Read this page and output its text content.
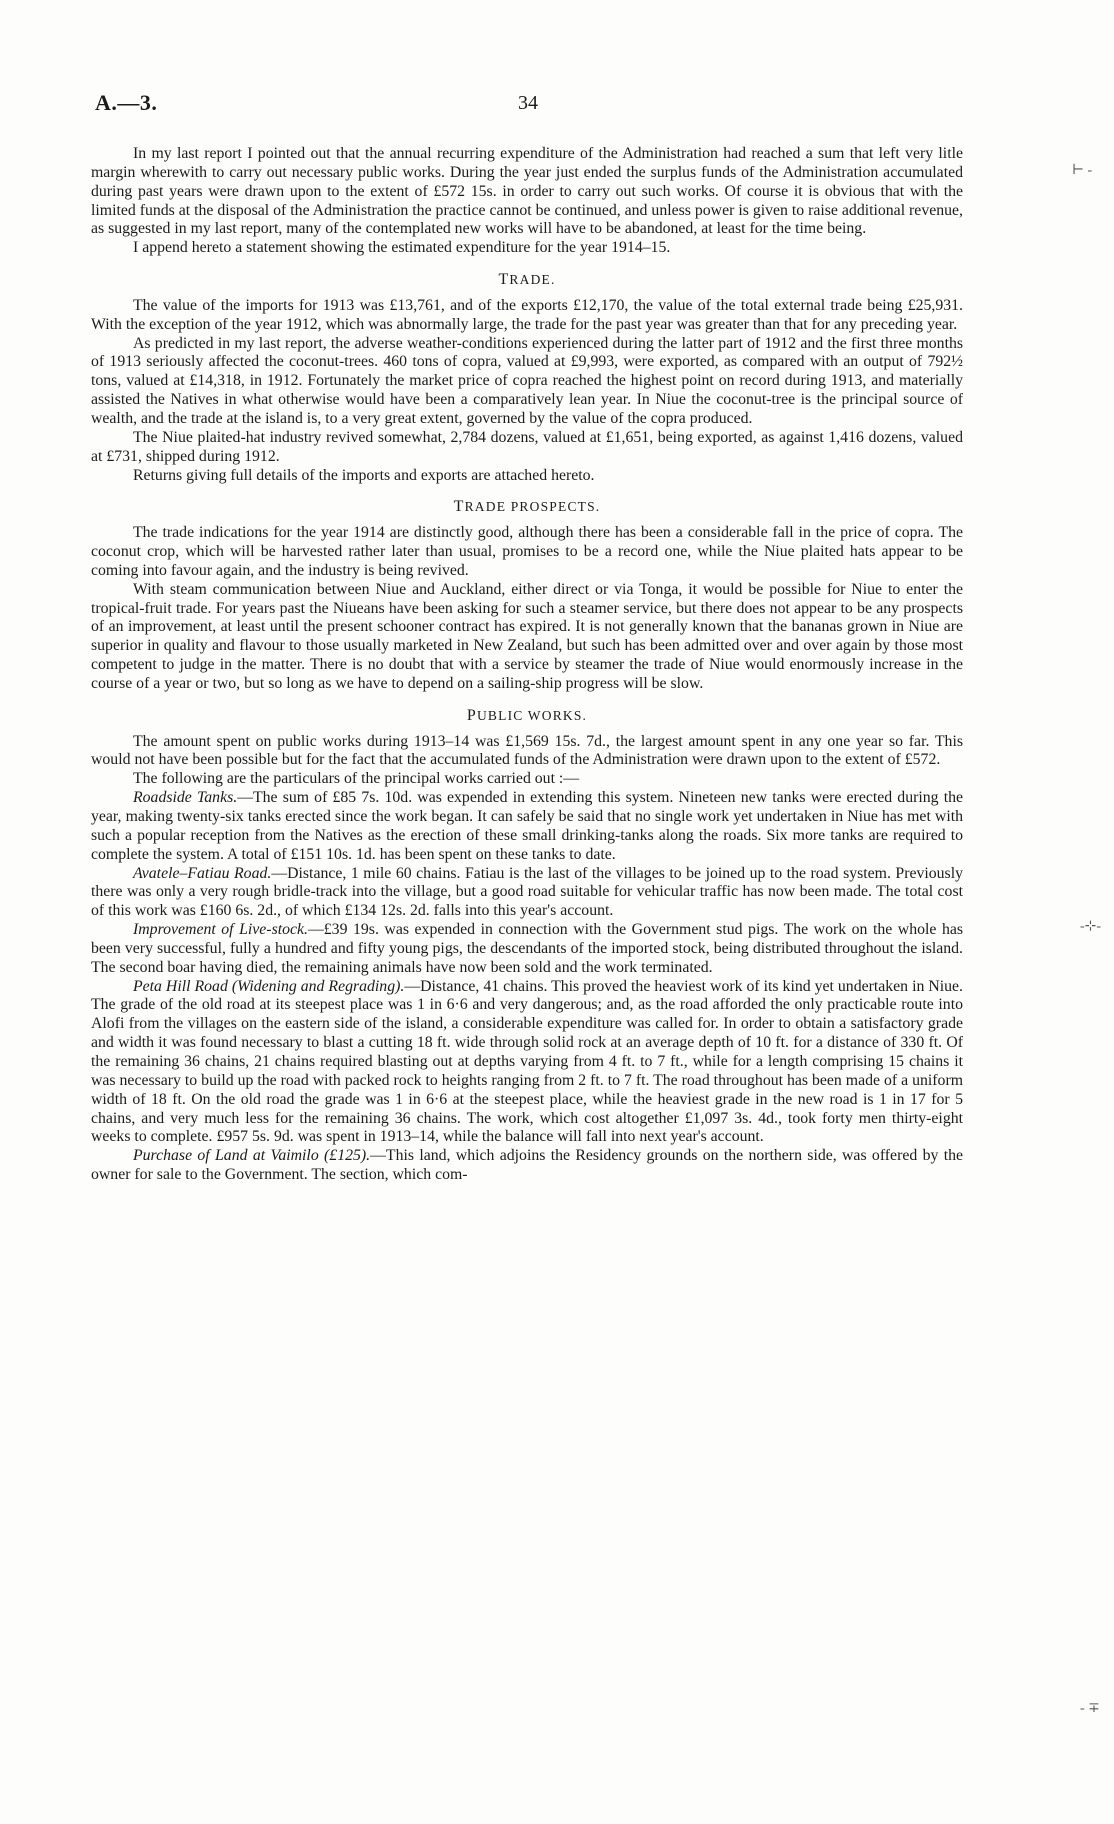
A.—3.	34
⊢ -
-⊹-
- ∓

In my last report I pointed out that the annual recurring expenditure of the Administration had reached a sum that left very litle margin wherewith to carry out necessary public works. During the year just ended the surplus funds of the Administration accumulated during past years were drawn upon to the extent of £572 15s. in order to carry out such works. Of course it is obvious that with the limited funds at the disposal of the Administration the practice cannot be continued, and unless power is given to raise additional revenue, as suggested in my last report, many of the contemplated new works will have to be abandoned, at least for the time being.

I append hereto a statement showing the estimated expenditure for the year 1914–15.

TRADE.

The value of the imports for 1913 was £13,761, and of the exports £12,170, the value of the total external trade being £25,931. With the exception of the year 1912, which was abnormally large, the trade for the past year was greater than that for any preceding year.

As predicted in my last report, the adverse weather-conditions experienced during the latter part of 1912 and the first three months of 1913 seriously affected the coconut-trees. 460 tons of copra, valued at £9,993, were exported, as compared with an output of 792½ tons, valued at £14,318, in 1912. Fortunately the market price of copra reached the highest point on record during 1913, and materially assisted the Natives in what otherwise would have been a comparatively lean year. In Niue the coconut-tree is the principal source of wealth, and the trade at the island is, to a very great extent, governed by the value of the copra produced.

The Niue plaited-hat industry revived somewhat, 2,784 dozens, valued at £1,651, being exported, as against 1,416 dozens, valued at £731, shipped during 1912.

Returns giving full details of the imports and exports are attached hereto.

TRADE PROSPECTS.

The trade indications for the year 1914 are distinctly good, although there has been a considerable fall in the price of copra. The coconut crop, which will be harvested rather later than usual, promises to be a record one, while the Niue plaited hats appear to be coming into favour again, and the industry is being revived.

With steam communication between Niue and Auckland, either direct or via Tonga, it would be possible for Niue to enter the tropical-fruit trade. For years past the Niueans have been asking for such a steamer service, but there does not appear to be any prospects of an improvement, at least until the present schooner contract has expired. It is not generally known that the bananas grown in Niue are superior in quality and flavour to those usually marketed in New Zealand, but such has been admitted over and over again by those most competent to judge in the matter. There is no doubt that with a service by steamer the trade of Niue would enormously increase in the course of a year or two, but so long as we have to depend on a sailing-ship progress will be slow.

PUBLIC WORKS.

The amount spent on public works during 1913–14 was £1,569 15s. 7d., the largest amount spent in any one year so far. This would not have been possible but for the fact that the accumulated funds of the Administration were drawn upon to the extent of £572.

The following are the particulars of the principal works carried out :—

Roadside Tanks.—The sum of £85 7s. 10d. was expended in extending this system. Nineteen new tanks were erected during the year, making twenty-six tanks erected since the work began. It can safely be said that no single work yet undertaken in Niue has met with such a popular reception from the Natives as the erection of these small drinking-tanks along the roads. Six more tanks are required to complete the system. A total of £151 10s. 1d. has been spent on these tanks to date.

Avatele–Fatiau Road.—Distance, 1 mile 60 chains. Fatiau is the last of the villages to be joined up to the road system. Previously there was only a very rough bridle-track into the village, but a good road suitable for vehicular traffic has now been made. The total cost of this work was £160 6s. 2d., of which £134 12s. 2d. falls into this year's account.

Improvement of Live-stock.—£39 19s. was expended in connection with the Government stud pigs. The work on the whole has been very successful, fully a hundred and fifty young pigs, the descendants of the imported stock, being distributed throughout the island. The second boar having died, the remaining animals have now been sold and the work terminated.

Peta Hill Road (Widening and Regrading).—Distance, 41 chains. This proved the heaviest work of its kind yet undertaken in Niue. The grade of the old road at its steepest place was 1 in 6·6 and very dangerous; and, as the road afforded the only practicable route into Alofi from the villages on the eastern side of the island, a considerable expenditure was called for. In order to obtain a satisfactory grade and width it was found necessary to blast a cutting 18 ft. wide through solid rock at an average depth of 10 ft. for a distance of 330 ft. Of the remaining 36 chains, 21 chains required blasting out at depths varying from 4 ft. to 7 ft., while for a length comprising 15 chains it was necessary to build up the road with packed rock to heights ranging from 2 ft. to 7 ft. The road throughout has been made of a uniform width of 18 ft. On the old road the grade was 1 in 6·6 at the steepest place, while the heaviest grade in the new road is 1 in 17 for 5 chains, and very much less for the remaining 36 chains. The work, which cost altogether £1,097 3s. 4d., took forty men thirty-eight weeks to complete. £957 5s. 9d. was spent in 1913–14, while the balance will fall into next year's account.

Purchase of Land at Vaimilo (£125).—This land, which adjoins the Residency grounds on the northern side, was offered by the owner for sale to the Government. The section, which com-
